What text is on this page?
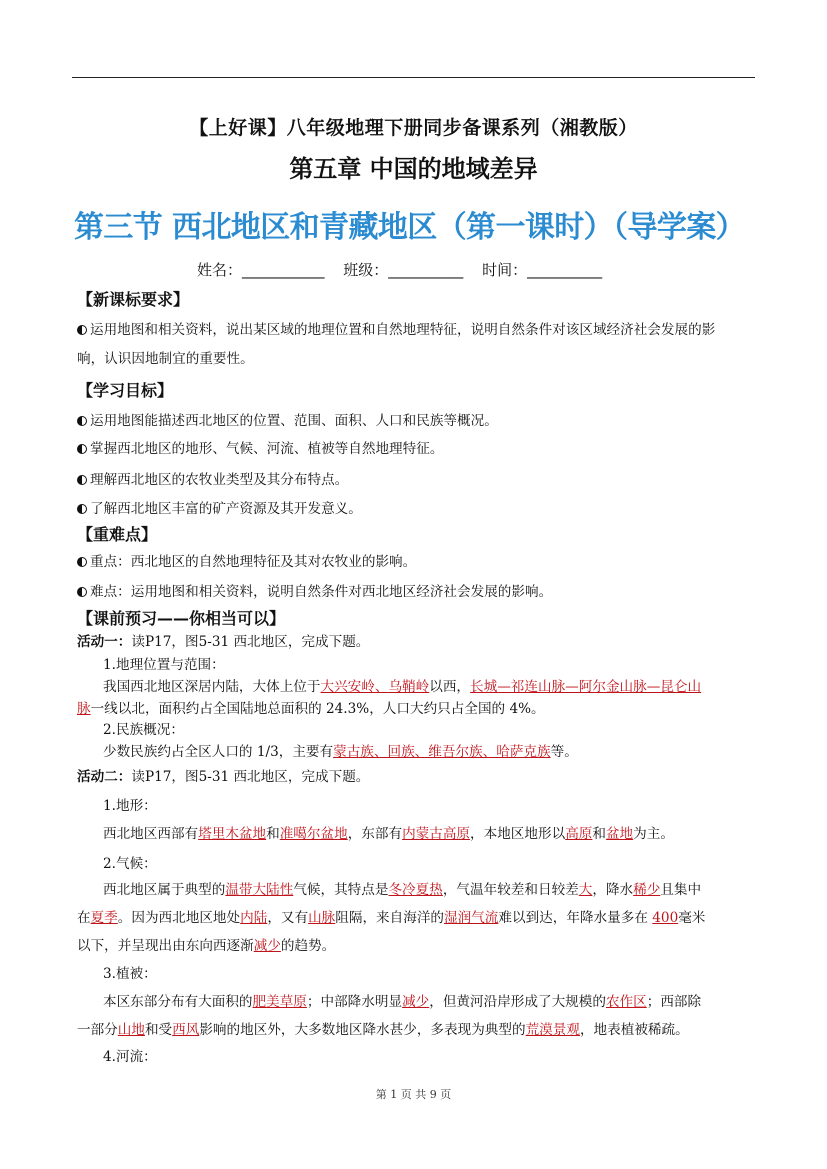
【上好课】八年级地理下册同步备课系列（湘教版）
第五章 中国的地域差异
第三节 西北地区和青藏地区（第一课时）（导学案）
姓名：___________ 班级：__________ 时间：__________
【新课标要求】
运用地图和相关资料，说出某区域的地理位置和自然地理特征，说明自然条件对该区域经济社会发展的影
响，认识因地制宜的重要性。
【学习目标】
运用地图能描述西北地区的位置、范围、面积、人口和民族等概况。
掌握西北地区的地形、气候、河流、植被等自然地理特征。
理解西北地区的农牧业类型及其分布特点。
了解西北地区丰富的矿产资源及其开发意义。
【重难点】
重点：西北地区的自然地理特征及其对农牧业的影响。
难点：运用地图和相关资料，说明自然条件对西北地区经济社会发展的影响。
【课前预习——你相当可以】
活动一：读P17，图5-31 西北地区，完成下题。
1.地理位置与范围：
我国西北地区深居内陆，大体上位于大兴安岭、乌鞘岭以西，长城—祁连山脉—阿尔金山脉—昆仑山
脉一线以北，面积约占全国陆地总面积的 24.3%，人口大约只占全国的 4%。
2.民族概况：
少数民族约占全区人口的 1/3，主要有蒙古族、回族、维吾尔族、哈萨克族等。
活动二：读P17，图5-31 西北地区，完成下题。
1.地形：
西北地区西部有塔里木盆地和准噶尔盆地，东部有内蒙古高原，本地区地形以高原和盆地为主。
2.气候：
西北地区属于典型的温带大陆性气候，其特点是冬冷夏热，气温年较差和日较差大，降水稀少且集中
在夏季。因为西北地区地处内陆，又有山脉阻隔，来自海洋的湿润气流难以到达，年降水量多在 400毫米
以下，并呈现出由东向西逐渐减少的趋势。
3.植被：
本区东部分布有大面积的肥美草原；中部降水明显减少，但黄河沿岸形成了大规模的农作区；西部除
一部分山地和受西风影响的地区外，大多数地区降水甚少，多表现为典型的荒漠景观，地表植被稀疏。
4.河流：
第 1 页 共 9 页
